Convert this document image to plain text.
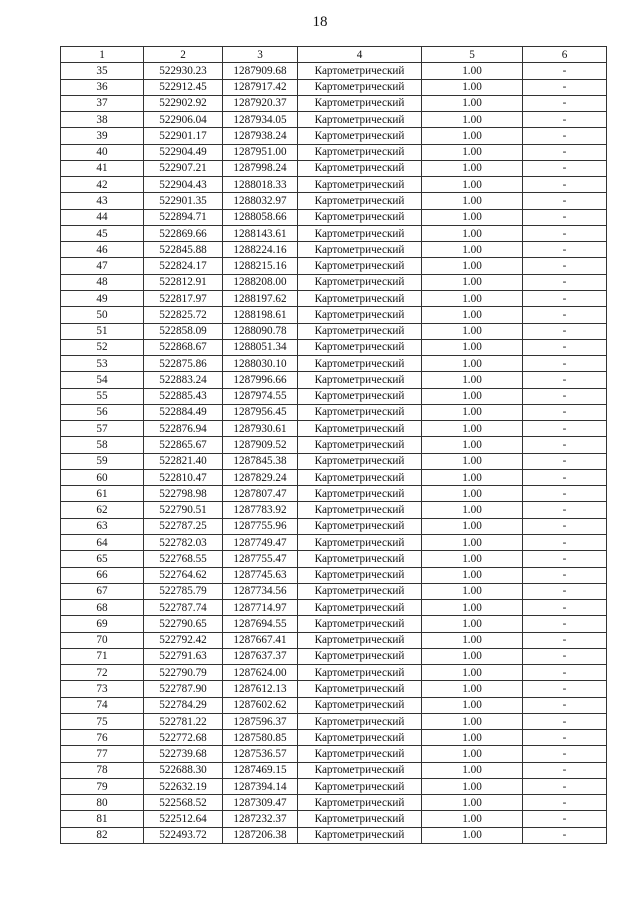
18
1	2	3	4	5	6
35	522930.23	1287909.68	Картометрический	1.00	-
36	522912.45	1287917.42	Картометрический	1.00	-
37	522902.92	1287920.37	Картометрический	1.00	-
38	522906.04	1287934.05	Картометрический	1.00	-
39	522901.17	1287938.24	Картометрический	1.00	-
40	522904.49	1287951.00	Картометрический	1.00	-
41	522907.21	1287998.24	Картометрический	1.00	-
42	522904.43	1288018.33	Картометрический	1.00	-
43	522901.35	1288032.97	Картометрический	1.00	-
44	522894.71	1288058.66	Картометрический	1.00	-
45	522869.66	1288143.61	Картометрический	1.00	-
46	522845.88	1288224.16	Картометрический	1.00	-
47	522824.17	1288215.16	Картометрический	1.00	-
48	522812.91	1288208.00	Картометрический	1.00	-
49	522817.97	1288197.62	Картометрический	1.00	-
50	522825.72	1288198.61	Картометрический	1.00	-
51	522858.09	1288090.78	Картометрический	1.00	-
52	522868.67	1288051.34	Картометрический	1.00	-
53	522875.86	1288030.10	Картометрический	1.00	-
54	522883.24	1287996.66	Картометрический	1.00	-
55	522885.43	1287974.55	Картометрический	1.00	-
56	522884.49	1287956.45	Картометрический	1.00	-
57	522876.94	1287930.61	Картометрический	1.00	-
58	522865.67	1287909.52	Картометрический	1.00	-
59	522821.40	1287845.38	Картометрический	1.00	-
60	522810.47	1287829.24	Картометрический	1.00	-
61	522798.98	1287807.47	Картометрический	1.00	-
62	522790.51	1287783.92	Картометрический	1.00	-
63	522787.25	1287755.96	Картометрический	1.00	-
64	522782.03	1287749.47	Картометрический	1.00	-
65	522768.55	1287755.47	Картометрический	1.00	-
66	522764.62	1287745.63	Картометрический	1.00	-
67	522785.79	1287734.56	Картометрический	1.00	-
68	522787.74	1287714.97	Картометрический	1.00	-
69	522790.65	1287694.55	Картометрический	1.00	-
70	522792.42	1287667.41	Картометрический	1.00	-
71	522791.63	1287637.37	Картометрический	1.00	-
72	522790.79	1287624.00	Картометрический	1.00	-
73	522787.90	1287612.13	Картометрический	1.00	-
74	522784.29	1287602.62	Картометрический	1.00	-
75	522781.22	1287596.37	Картометрический	1.00	-
76	522772.68	1287580.85	Картометрический	1.00	-
77	522739.68	1287536.57	Картометрический	1.00	-
78	522688.30	1287469.15	Картометрический	1.00	-
79	522632.19	1287394.14	Картометрический	1.00	-
80	522568.52	1287309.47	Картометрический	1.00	-
81	522512.64	1287232.37	Картометрический	1.00	-
82	522493.72	1287206.38	Картометрический	1.00	-
